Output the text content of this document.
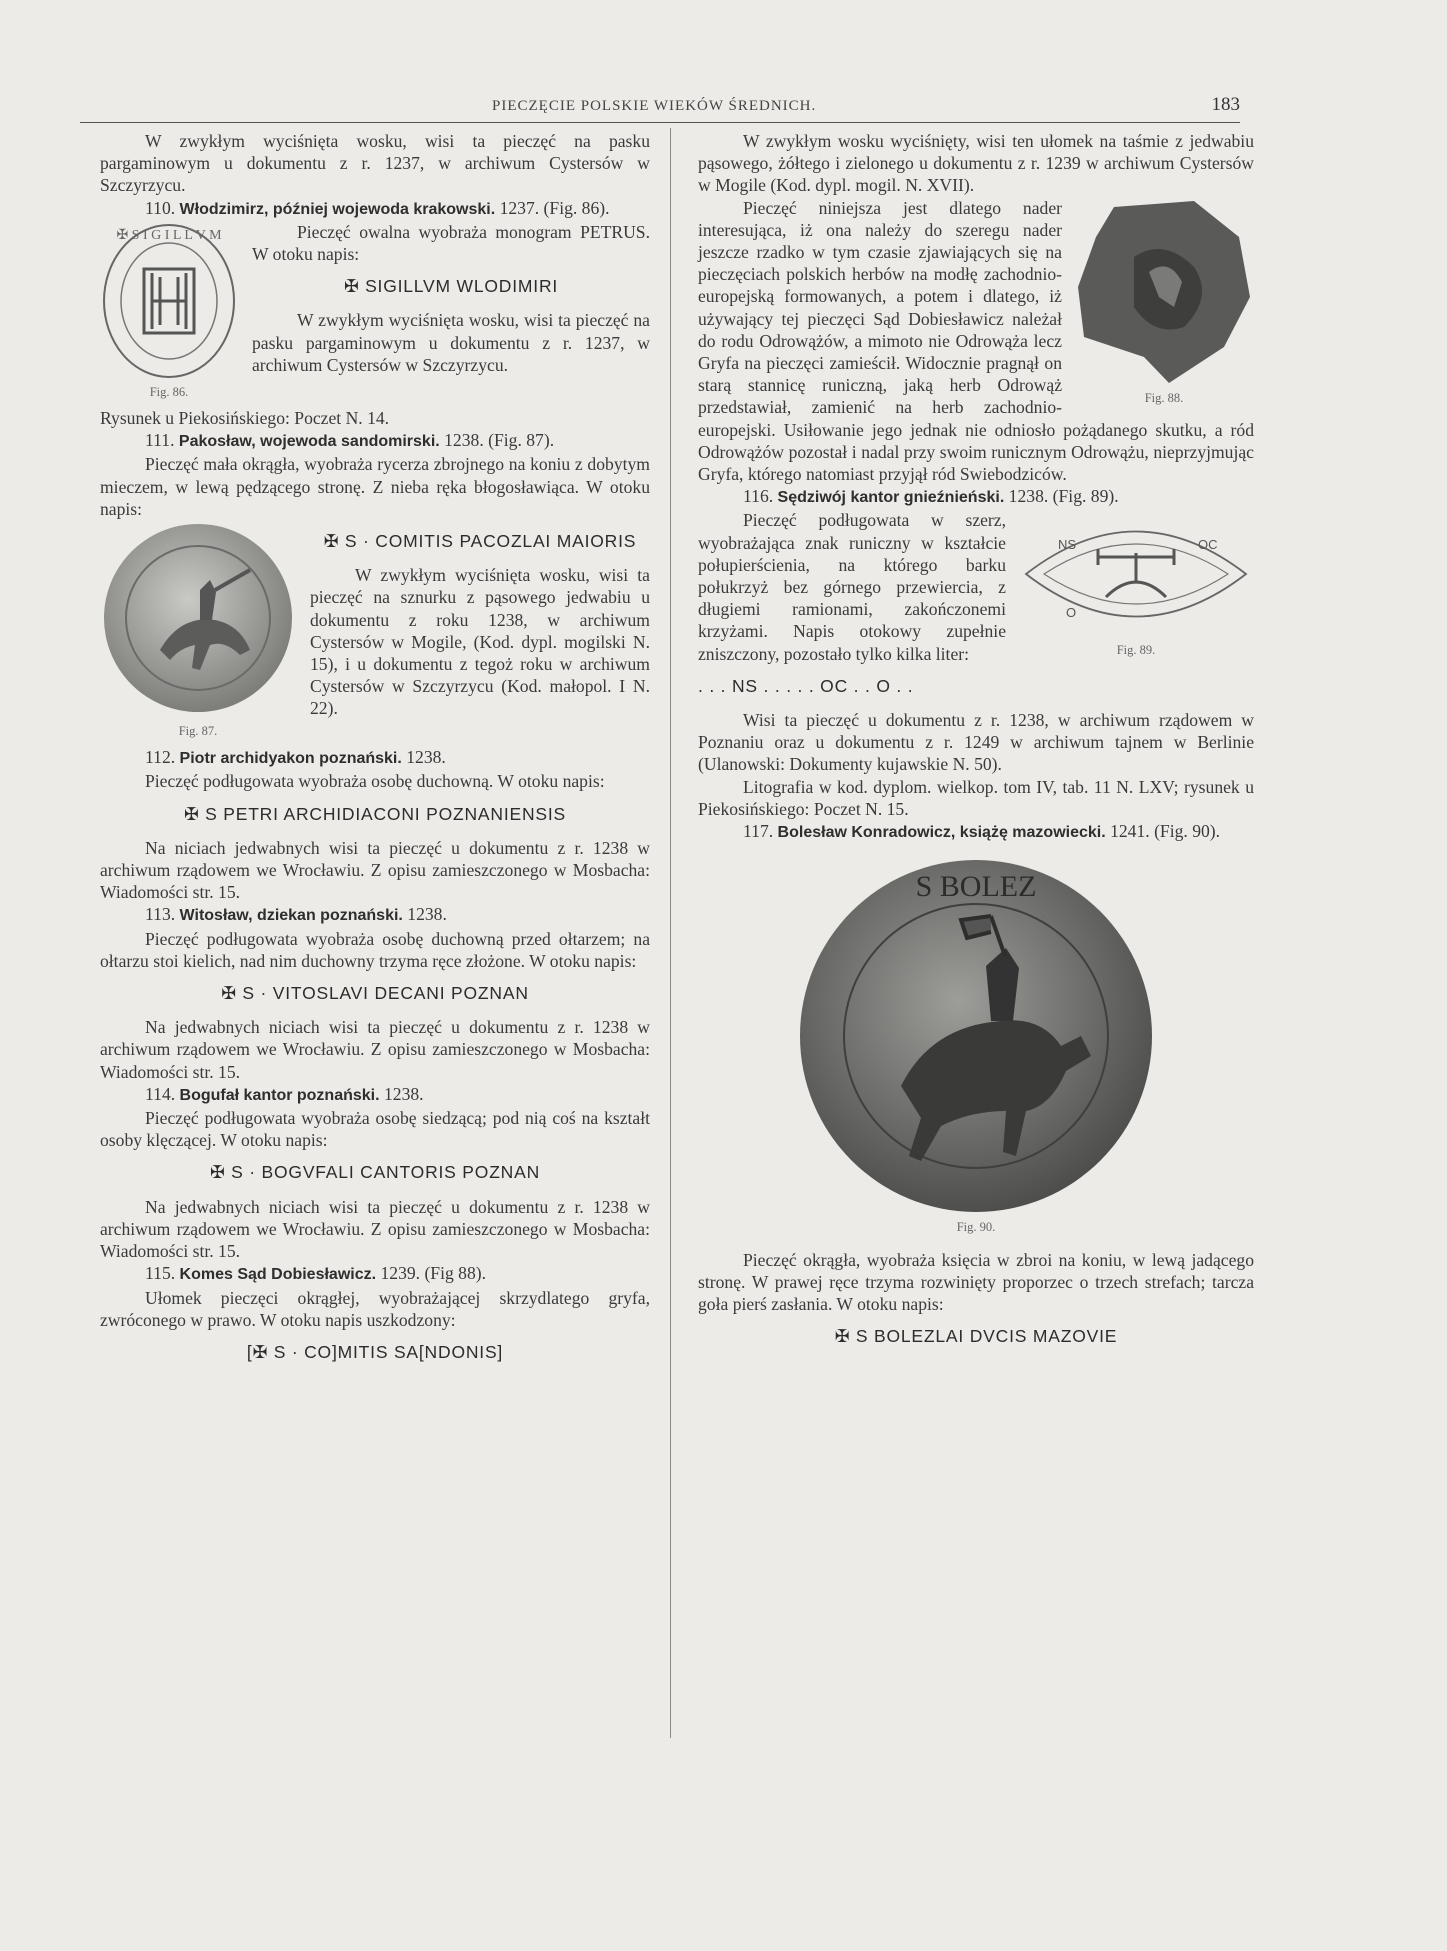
PIECZĘCIE POLSKIE WIEKÓW ŚREDNICH.	183

W zwykłym wyciśnięta wosku, wisi ta pieczęć na pasku pargaminowym u dokumentu z r. 1237, w archiwum Cystersów w Szczyrzycu.

110. Włodzimirz, później wojewoda krakowski. 1237. (Fig. 86).

✠ S I G I L L V M
Fig. 86.

Pieczęć owalna wyobraża monogram PETRUS. W otoku napis:

✠ SIGILLVM WLODIMIRI

W zwykłym wyciśnięta wosku, wisi ta pieczęć na pasku pargaminowym u dokumentu z r. 1237, w archiwum Cystersów w Szczyrzycu.

Rysunek u Piekosińskiego: Poczet N. 14.

111. Pakosław, wojewoda sandomirski. 1238. (Fig. 87).

Pieczęć mała okrągła, wyobraża rycerza zbrojnego na koniu z dobytym mieczem, w lewą pędzącego stronę. Z nieba ręka błogosławiąca. W otoku napis:

Fig. 87.
✠ S · COMITIS PACOZLAI MAIORIS

W zwykłym wyciśnięta wosku, wisi ta pieczęć na sznurku z pąsowego jedwabiu u dokumentu z roku 1238, w archiwum Cystersów w Mogile, (Kod. dypl. mogilski N. 15), i u dokumentu z tegoż roku w archiwum Cystersów w Szczyrzycu (Kod. małopol. I N. 22).

112. Piotr archidyakon poznański. 1238.

Pieczęć podługowata wyobraża osobę duchowną. W otoku napis:

✠ S PETRI ARCHIDIACONI POZNANIENSIS

Na niciach jedwabnych wisi ta pieczęć u dokumentu z r. 1238 w archiwum rządowem we Wrocławiu. Z opisu zamieszczonego w Mosbacha: Wiadomości str. 15.

113. Witosław, dziekan poznański. 1238.

Pieczęć podługowata wyobraża osobę duchowną przed ołtarzem; na ołtarzu stoi kielich, nad nim duchowny trzyma ręce złożone. W otoku napis:

✠ S · VITOSLAVI DECANI POZNAN

Na jedwabnych niciach wisi ta pieczęć u dokumentu z r. 1238 w archiwum rządowem we Wrocławiu. Z opisu zamieszczonego w Mosbacha: Wiadomości str. 15.

114. Bogufał kantor poznański. 1238.

Pieczęć podługowata wyobraża osobę siedzącą; pod nią coś na kształt osoby klęczącej. W otoku napis:

✠ S · BOGVFALI CANTORIS POZNAN

Na jedwabnych niciach wisi ta pieczęć u dokumentu z r. 1238 w archiwum rządowem we Wrocławiu. Z opisu zamieszczonego w Mosbacha: Wiadomości str. 15.

115. Komes Sąd Dobiesławicz. 1239. (Fig 88).

Ułomek pieczęci okrągłej, wyobrażającej skrzydlatego gryfa, zwróconego w prawo. W otoku napis uszkodzony:

[✠ S · CO]MITIS SA[NDONIS]

W zwykłym wosku wyciśnięty, wisi ten ułomek na taśmie z jedwabiu pąsowego, żółtego i zielonego u dokumentu z r. 1239 w archiwum Cystersów w Mogile (Kod. dypl. mogil. N. XVII).

Fig. 88.

Pieczęć niniejsza jest dlatego nader interesująca, iż ona należy do szeregu nader jeszcze rzadko w tym czasie zjawiających się na pieczęciach polskich herbów na modłę zachodnio-europejską formowanych, a potem i dlatego, iż używający tej pieczęci Sąd Dobiesławicz należał do rodu Odrowążów, a mimoto nie Odrowąża lecz Gryfa na pieczęci zamieścił. Widocznie pragnął on starą stannicę runiczną, jaką herb Odrowąż przedstawiał, zamienić na herb zachodnio-europejski. Usiłowanie jego jednak nie odniosło pożądanego skutku, a ród Odrowążów pozostał i nadal przy swoim runicznym Odrowążu, nieprzyjmując Gryfa, którego natomiast przyjął ród Swiebodziców.

116. Sędziwój kantor gnieźnieński. 1238. (Fig. 89).

NS	OC
O
Fig. 89.

Pieczęć podługowata w szerz, wyobrażająca znak runiczny w kształcie połupierścienia, na którego barku połukrzyż bez górnego przewiercia, z długiemi ramionami, zakończonemi krzyżami. Napis otokowy zupełnie zniszczony, pozostało tylko kilka liter:

. . . NS . . . . . OC . . O . .

Wisi ta pieczęć u dokumentu z r. 1238, w archiwum rządowem w Poznaniu oraz u dokumentu z r. 1249 w archiwum tajnem w Berlinie (Ulanowski: Dokumenty kujawskie N. 50).

Litografia w kod. dyplom. wielkop. tom IV, tab. 11 N. LXV; rysunek u Piekosińskiego: Poczet N. 15.

117. Bolesław Konradowicz, książę mazowiecki. 1241. (Fig. 90).

S BOLEZ
Fig. 90.

Pieczęć okrągła, wyobraża księcia w zbroi na koniu, w lewą jadącego stronę. W prawej ręce trzyma rozwinięty proporzec o trzech strefach; tarcza goła pierś zasłania. W otoku napis:

✠ S BOLEZLAI DVCIS MAZOVIE
